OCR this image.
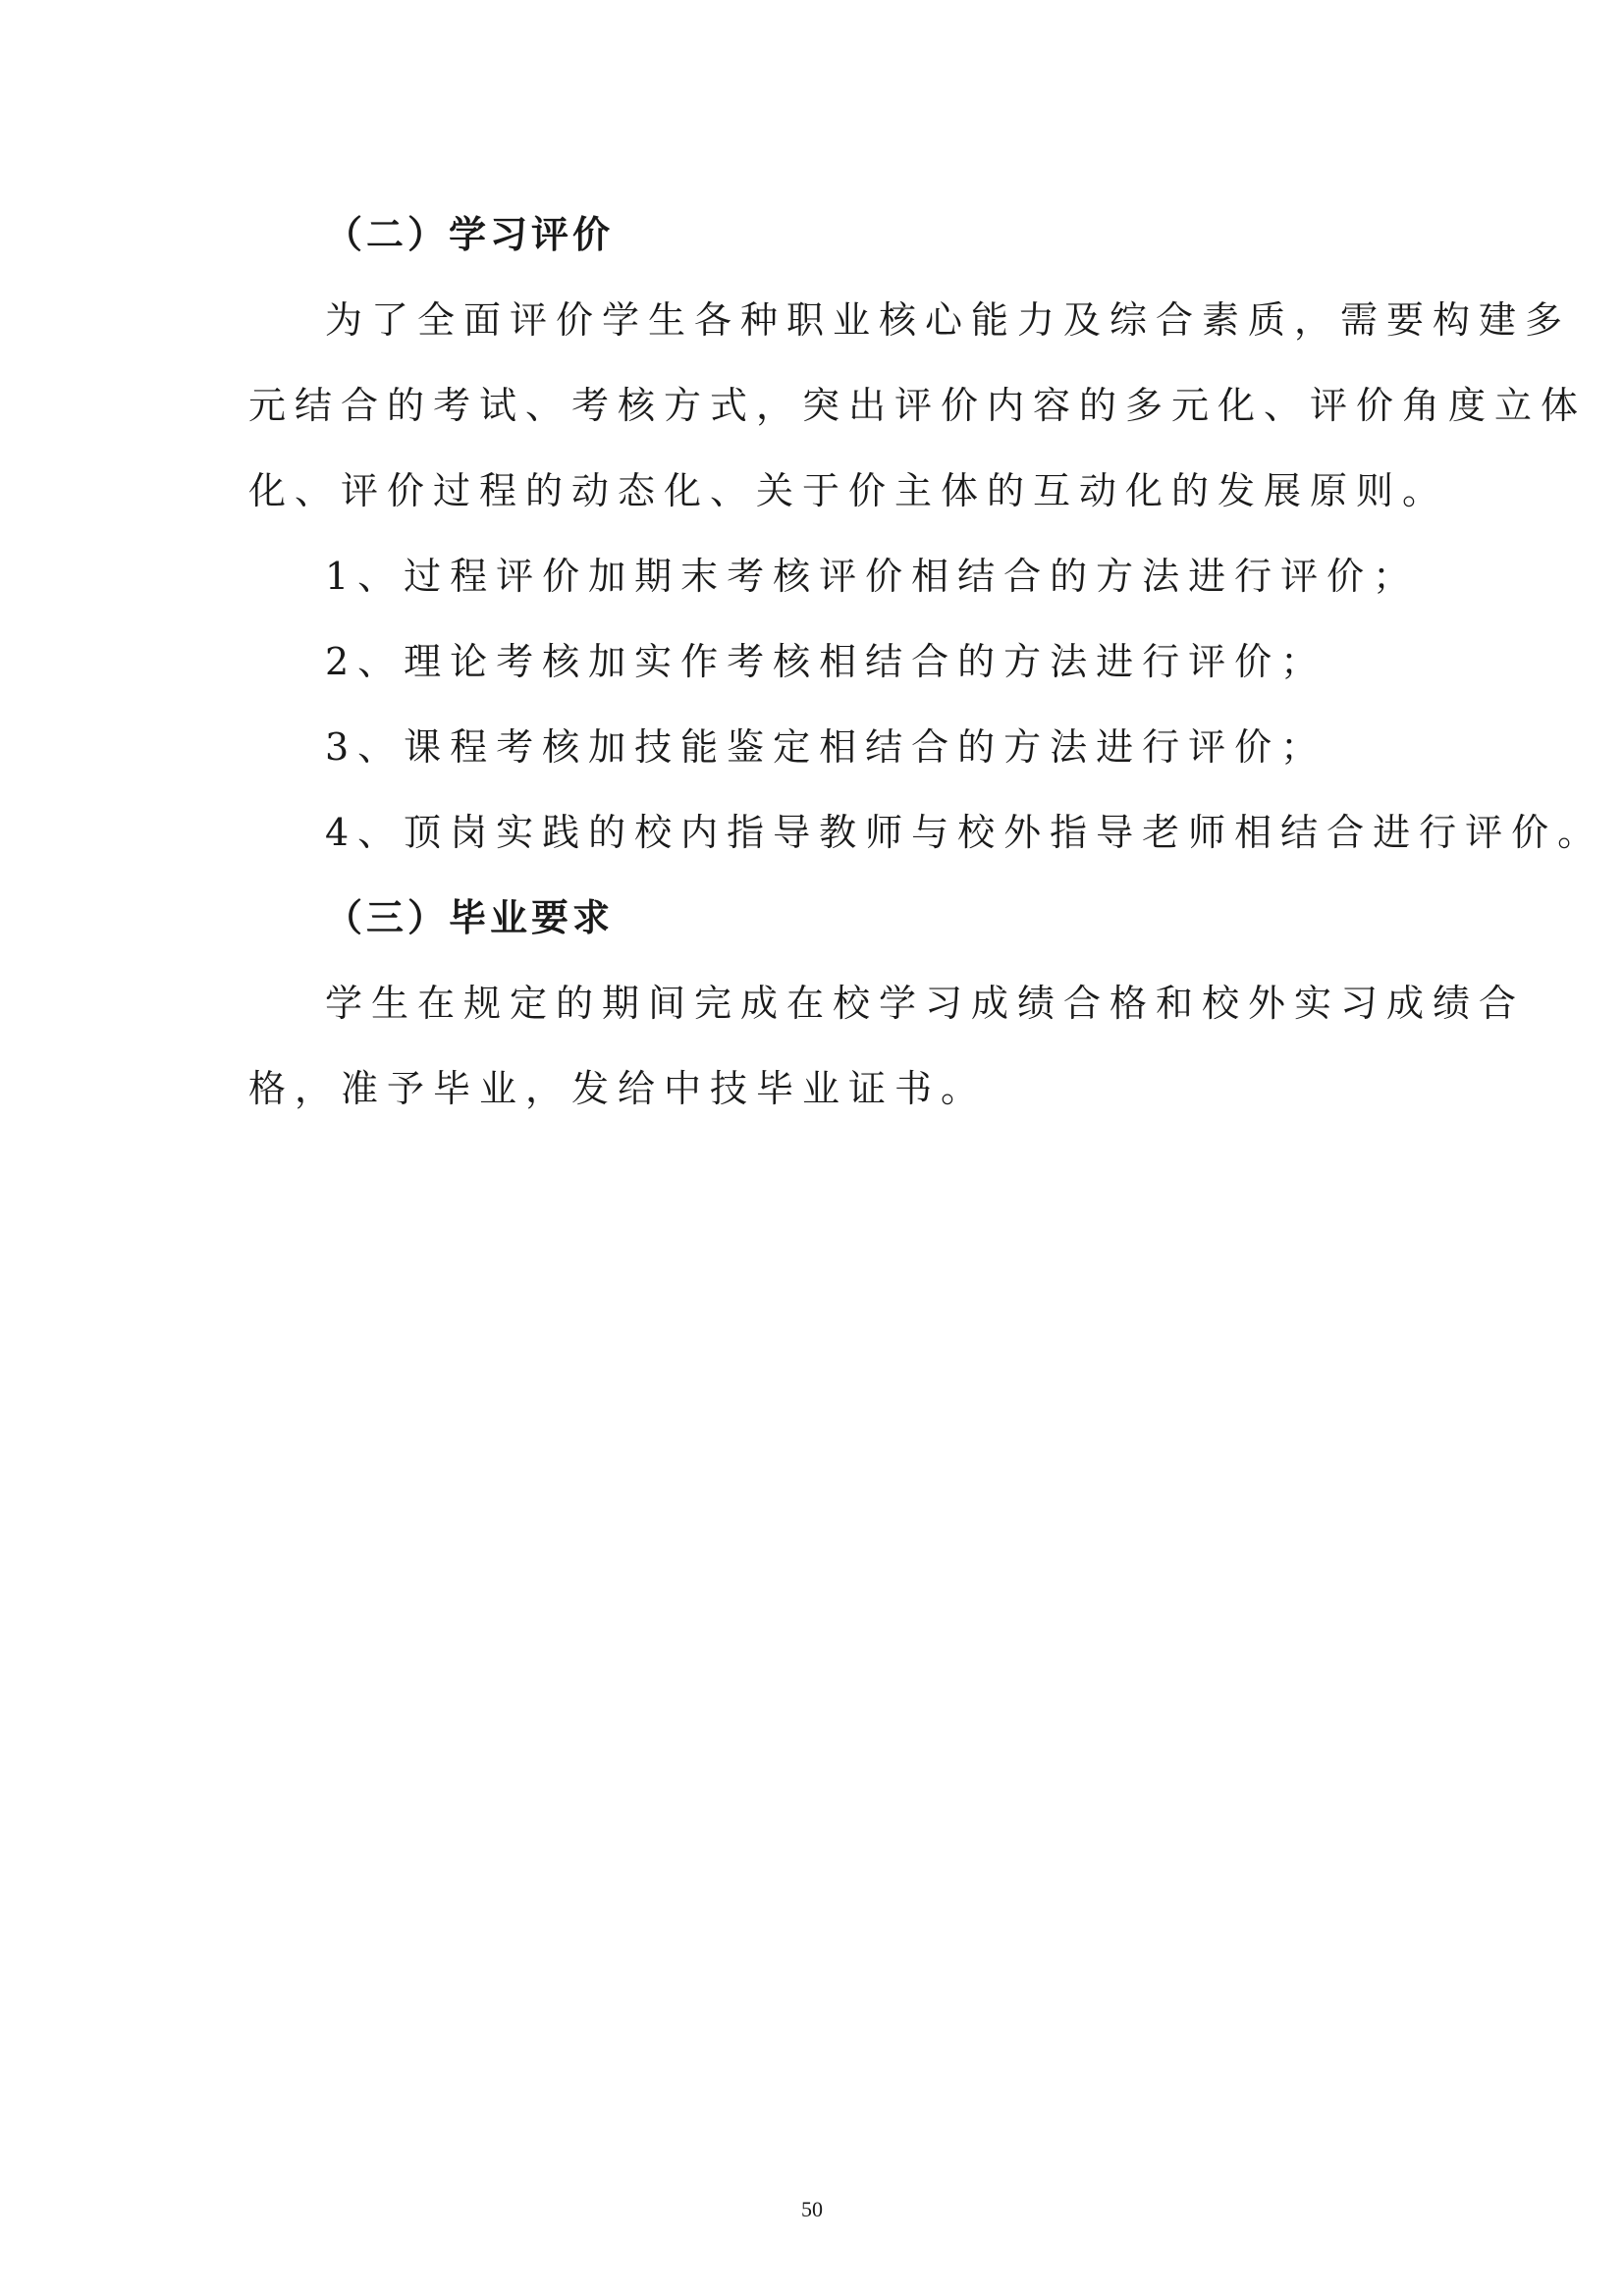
（二）学习评价
为了全面评价学生各种职业核心能力及综合素质，需要构建多
元结合的考试、考核方式，突出评价内容的多元化、评价角度立体
化、评价过程的动态化、关于价主体的互动化的发展原则。
1、过程评价加期末考核评价相结合的方法进行评价；
2、理论考核加实作考核相结合的方法进行评价；
3、课程考核加技能鉴定相结合的方法进行评价；
4、顶岗实践的校内指导教师与校外指导老师相结合进行评价。
（三）毕业要求
学生在规定的期间完成在校学习成绩合格和校外实习成绩合
格，准予毕业，发给中技毕业证书。
50
